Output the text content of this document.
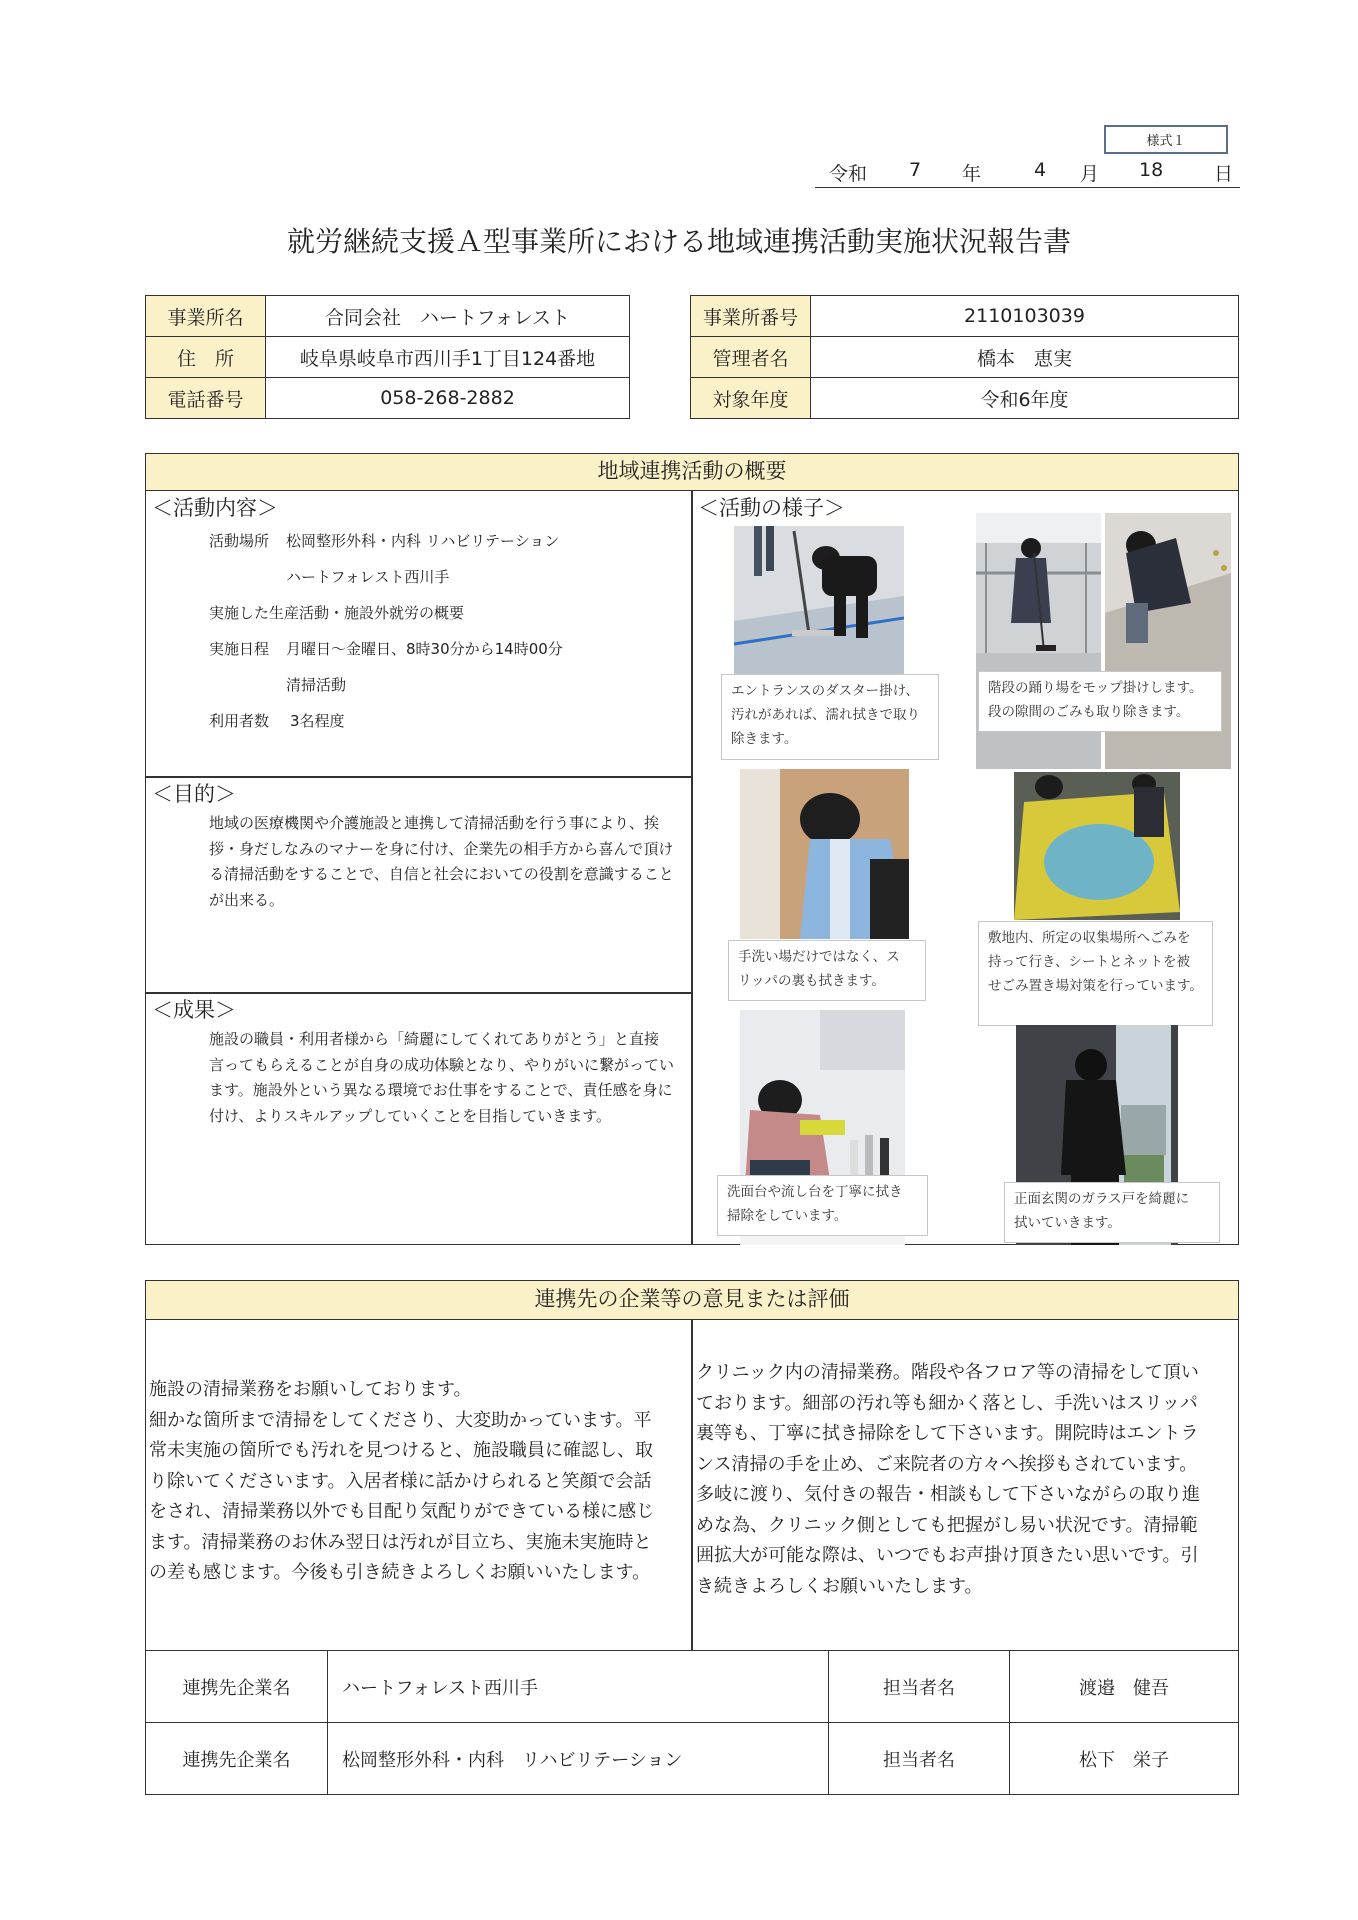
様式１
令和 7 年	4 月 18	日
就労継続支援Ａ型事業所における地域連携活動実施状況報告書
事業所名	合同会社　ハートフォレスト
住　所	岐阜県岐阜市西川手1丁目124番地
電話番号	058-268-2882
事業所番号	2110103039
管理者名	橋本　恵実
対象年度	令和6年度
地域連携活動の概要
＜活動内容＞
活動場所 松岡整形外科・内科 リハビリテーション
ハートフォレスト西川手
実施した生産活動・施設外就労の概要
実施日程 月曜日～金曜日、8時30分から14時00分
清掃活動
利用者数 3名程度
＜目的＞
地域の医療機関や介護施設と連携して清掃活動を行う事により、挨
拶・身だしなみのマナーを身に付け、企業先の相手方から喜んで頂け
る清掃活動をすることで、自信と社会においての役割を意識すること
が出来る。
＜成果＞
施設の職員・利用者様から「綺麗にしてくれてありがとう」と直接
言ってもらえることが自身の成功体験となり、やりがいに繋がってい
ます。施設外という異なる環境でお仕事をすることで、責任感を身に
付け、よりスキルアップしていくことを目指していきます。
＜活動の様子＞
エントランスのダスター掛け、
汚れがあれば、濡れ拭きで取り
除きます。
階段の踊り場をモップ掛けします。
段の隙間のごみも取り除きます。
手洗い場だけではなく、ス
リッパの裏も拭きます。
敷地内、所定の収集場所へごみを
持って行き、シートとネットを被
せごみ置き場対策を行っています。
洗面台や流し台を丁寧に拭き
掃除をしています。
正面玄関のガラス戸を綺麗に
拭いていきます。
連携先の企業等の意見または評価
施設の清掃業務をお願いしております。
細かな箇所まで清掃をしてくださり、大変助かっています。平
常未実施の箇所でも汚れを見つけると、施設職員に確認し、取
り除いてくださいます。入居者様に話かけられると笑顔で会話
をされ、清掃業務以外でも目配り気配りができている様に感じ
ます。清掃業務のお休み翌日は汚れが目立ち、実施未実施時と
の差も感じます。今後も引き続きよろしくお願いいたします。
クリニック内の清掃業務。階段や各フロア等の清掃をして頂い
ております。細部の汚れ等も細かく落とし、手洗いはスリッパ
裏等も、丁寧に拭き掃除をして下さいます。開院時はエントラ
ンス清掃の手を止め、ご来院者の方々へ挨拶もされています。
多岐に渡り、気付きの報告・相談もして下さいながらの取り進
めな為、クリニック側としても把握がし易い状況です。清掃範
囲拡大が可能な際は、いつでもお声掛け頂きたい思いです。引
き続きよろしくお願いいたします。
連携先企業名	ハートフォレスト西川手	担当者名	渡邉　健吾
連携先企業名	松岡整形外科・内科　リハビリテーション	担当者名	松下　栄子
